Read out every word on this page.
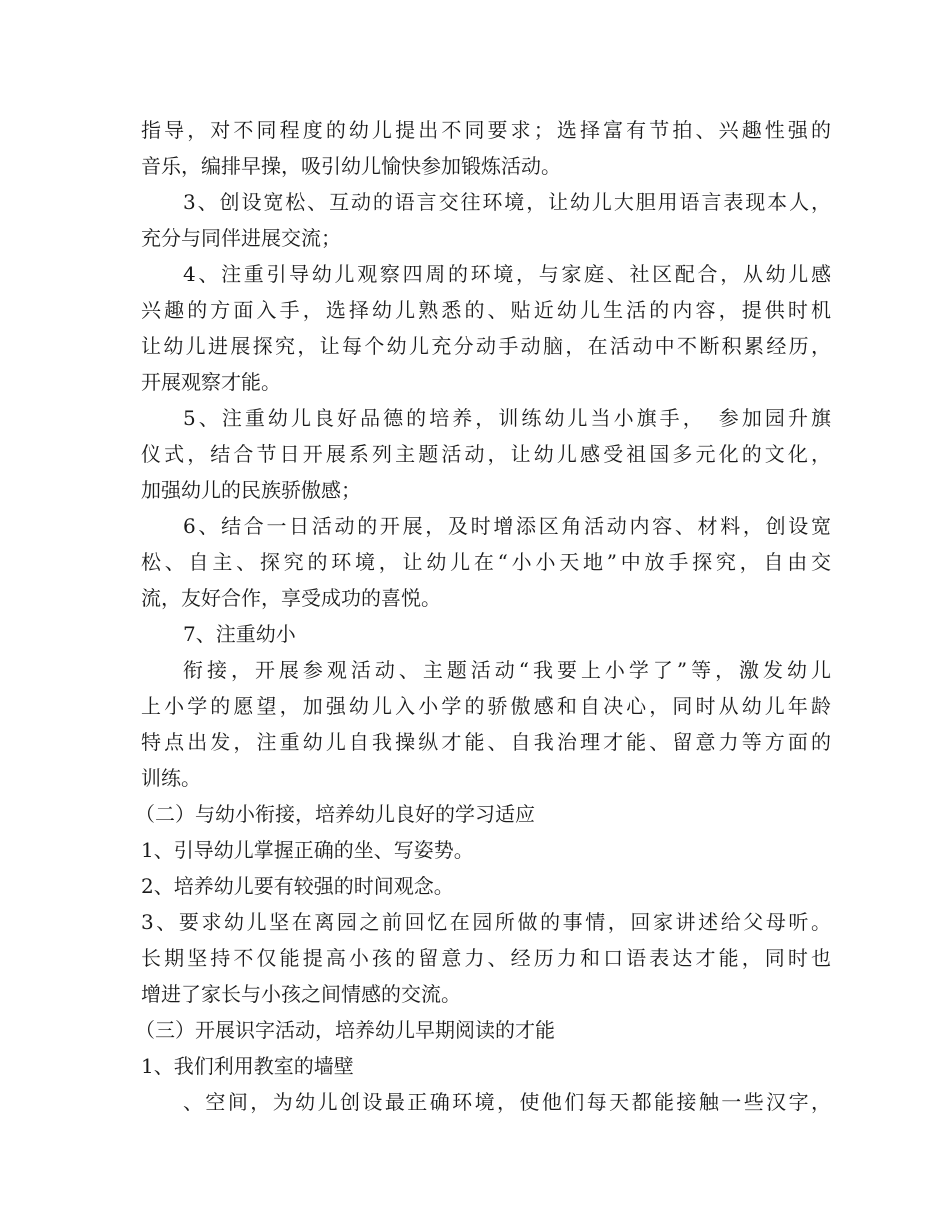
指导，对不同程度的幼儿提出不同要求；选择富有节拍、兴趣性强的
音乐，编排早操，吸引幼儿愉快参加锻炼活动。
3、创设宽松、互动的语言交往环境，让幼儿大胆用语言表现本人，
充分与同伴进展交流；
4、注重引导幼儿观察四周的环境，与家庭、社区配合，从幼儿感
兴趣的方面入手，选择幼儿熟悉的、贴近幼儿生活的内容，提供时机
让幼儿进展探究，让每个幼儿充分动手动脑，在活动中不断积累经历，
开展观察才能。
5、注重幼儿良好品德的培养，训练幼儿当小旗手，　参加园升旗
仪式，结合节日开展系列主题活动，让幼儿感受祖国多元化的文化，
加强幼儿的民族骄傲感；
6、结合一日活动的开展，及时增添区角活动内容、材料，创设宽
松、自主、探究的环境，让幼儿在“小小天地”中放手探究，自由交
流，友好合作，享受成功的喜悦。
7、注重幼小
衔接，开展参观活动、主题活动“我要上小学了”等，激发幼儿
上小学的愿望，加强幼儿入小学的骄傲感和自决心，同时从幼儿年龄
特点出发，注重幼儿自我操纵才能、自我治理才能、留意力等方面的
训练。
（二）与幼小衔接，培养幼儿良好的学习适应
1、引导幼儿掌握正确的坐、写姿势。
2、培养幼儿要有较强的时间观念。
3、要求幼儿坚在离园之前回忆在园所做的事情，回家讲述给父母听。
长期坚持不仅能提高小孩的留意力、经历力和口语表达才能，同时也
增进了家长与小孩之间情感的交流。
（三）开展识字活动，培养幼儿早期阅读的才能
1、我们利用教室的墙壁
、空间，为幼儿创设最正确环境，使他们每天都能接触一些汉字，
